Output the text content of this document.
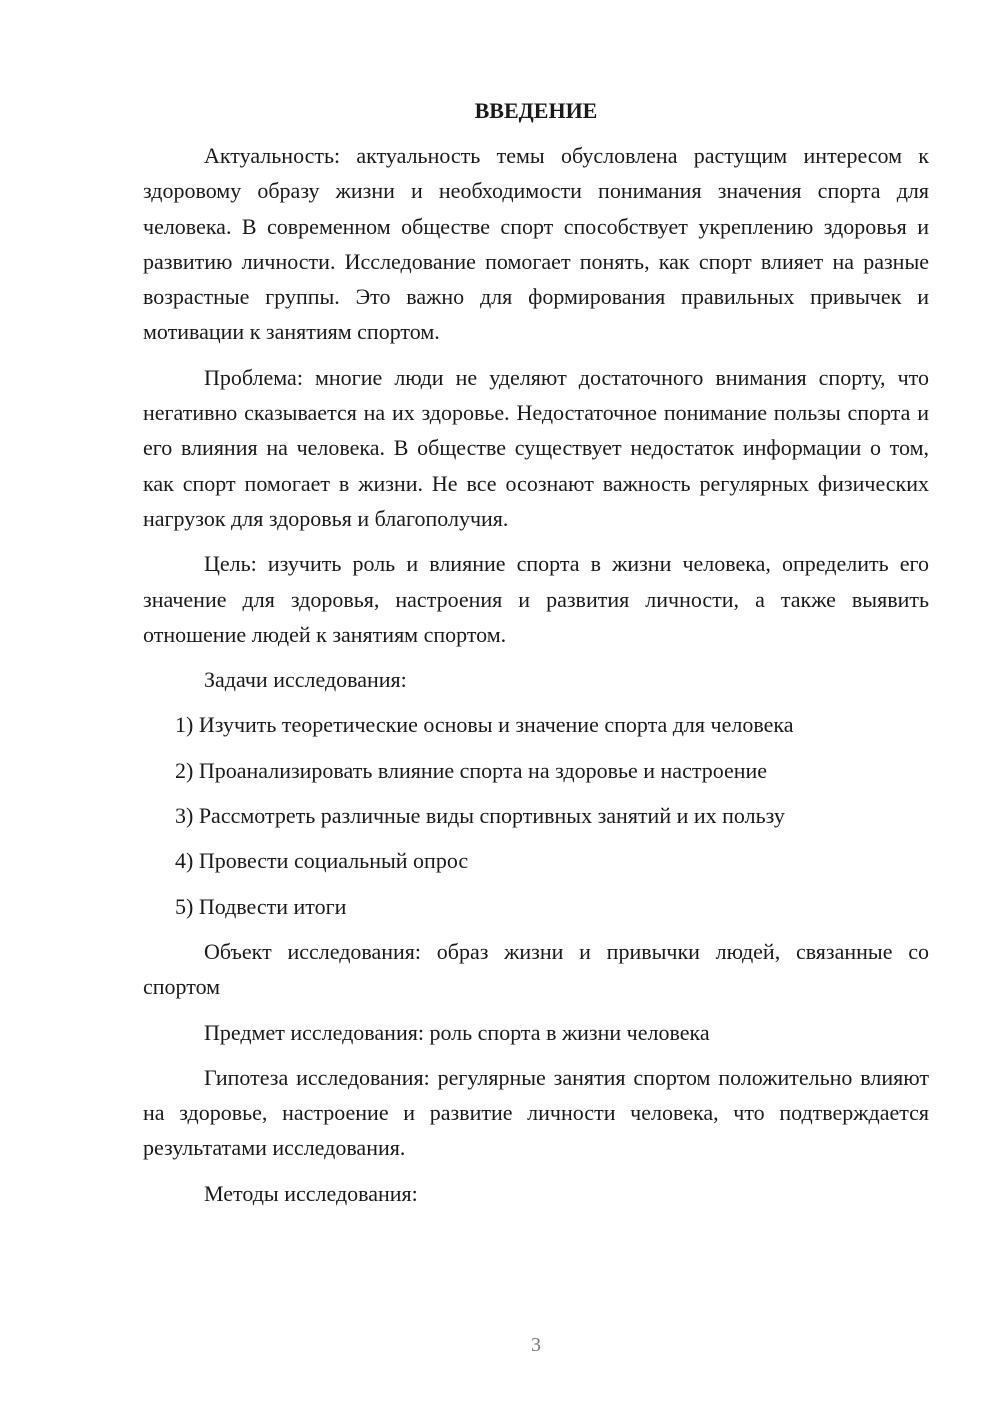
ВВЕДЕНИЕ

Актуальность: актуальность темы обусловлена растущим интересом к здоровому образу жизни и необходимости понимания значения спорта для человека. В современном обществе спорт способствует укреплению здоровья и развитию личности. Исследование помогает понять, как спорт влияет на разные возрастные группы. Это важно для формирования правильных привычек и мотивации к занятиям спортом.

Проблема: многие люди не уделяют достаточного внимания спорту, что негативно сказывается на их здоровье. Недостаточное понимание пользы спорта и его влияния на человека. В обществе существует недостаток информации о том, как спорт помогает в жизни. Не все осознают важность регулярных физических нагрузок для здоровья и благополучия.

Цель: изучить роль и влияние спорта в жизни человека, определить его значение для здоровья, настроения и развития личности, а также выявить отношение людей к занятиям спортом.

Задачи исследования:

1) Изучить теоретические основы и значение спорта для человека
2) Проанализировать влияние спорта на здоровье и настроение
3) Рассмотреть различные виды спортивных занятий и их пользу
4) Провести социальный опрос
5) Подвести итоги

Объект исследования: образ жизни и привычки людей, связанные со спортом

Предмет исследования: роль спорта в жизни человека

Гипотеза исследования: регулярные занятия спортом положительно влияют на здоровье, настроение и развитие личности человека, что подтверждается результатами исследования.

Методы исследования:

3
